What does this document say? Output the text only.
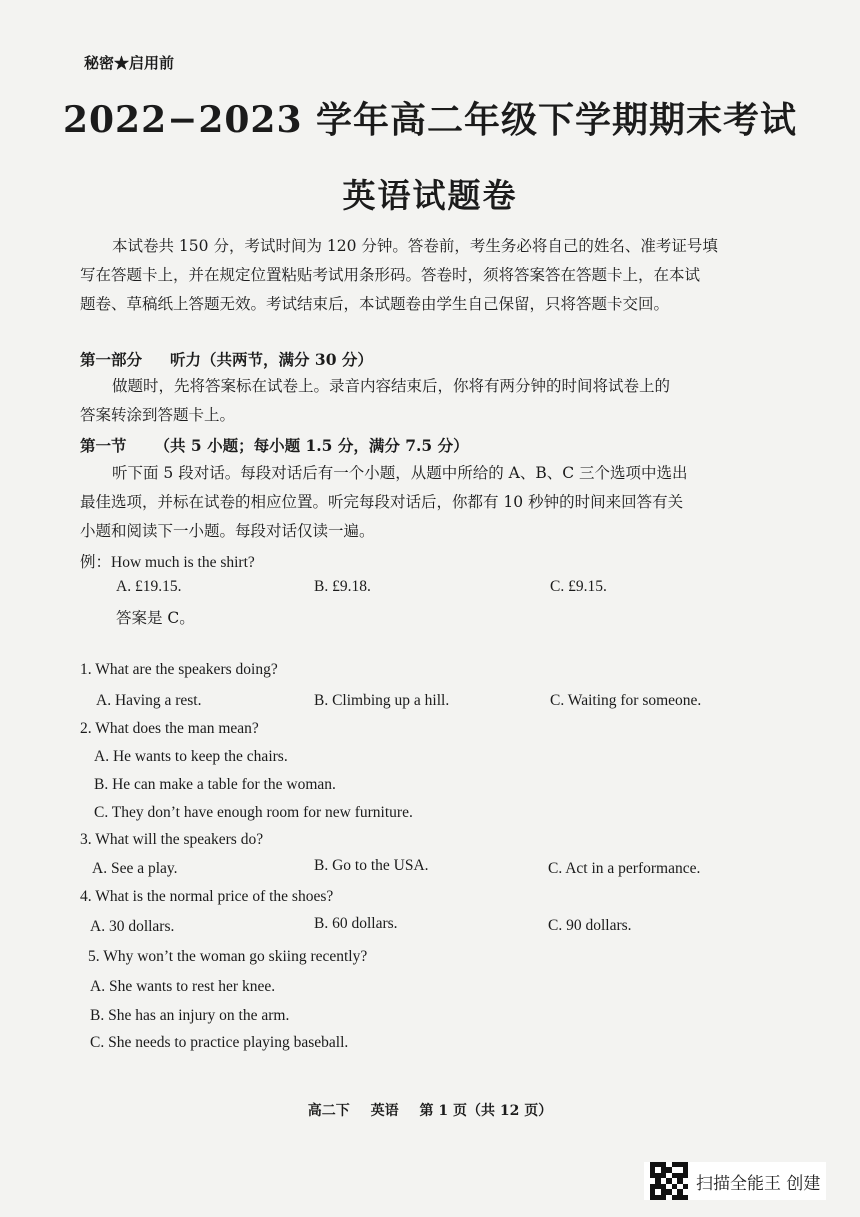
秘密★启用前
2022−2023 学年高二年级下学期期末考试
英语试题卷
本试卷共 150 分，考试时间为 120 分钟。答卷前，考生务必将自己的姓名、准考证号填
写在答题卡上，并在规定位置粘贴考试用条形码。答卷时，须将答案答在答题卡上，在本试
题卷、草稿纸上答题无效。考试结束后，本试题卷由学生自己保留，只将答题卡交回。
第一部分 听力（共两节，满分 30 分）
做题时，先将答案标在试卷上。录音内容结束后，你将有两分钟的时间将试卷上的
答案转涂到答题卡上。
第一节 （共 5 小题；每小题 1.5 分，满分 7.5 分）
听下面 5 段对话。每段对话后有一个小题，从题中所给的 A、B、C 三个选项中选出
最佳选项，并标在试卷的相应位置。听完每段对话后，你都有 10 秒钟的时间来回答有关
小题和阅读下一小题。每段对话仅读一遍。
例：How much is the shirt?
A. £19.15.	B. £9.18.	C. £9.15.
答案是 C。
1. What are the speakers doing?
A. Having a rest.	B. Climbing up a hill.	C. Waiting for someone.
2. What does the man mean?
A. He wants to keep the chairs.
B. He can make a table for the woman.
C. They don’t have enough room for new furniture.
3. What will the speakers do?
A. See a play.	B. Go to the USA.	C. Act in a performance.
4. What is the normal price of the shoes?
A. 30 dollars.	B. 60 dollars.	C. 90 dollars.
5. Why won’t the woman go skiing recently?
A. She wants to rest her knee.
B. She has an injury on the arm.
C. She needs to practice playing baseball.
高二下 英语 第 1 页（共 12 页）
扫描全能王 创建
